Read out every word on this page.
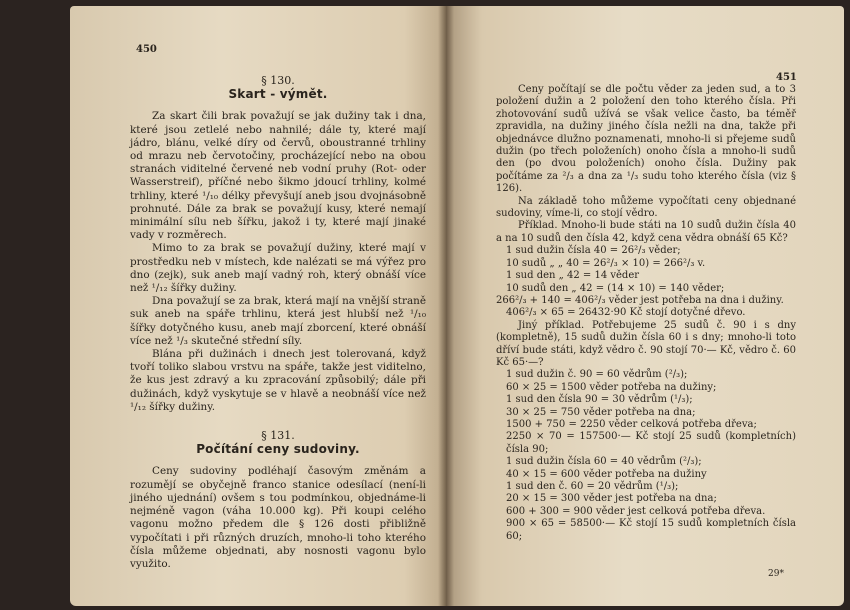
450
§ 130.
Skart - výmět.

Za skart čili brak považují se jak dužiny tak i dna, které jsou zetlelé nebo nahnilé; dále ty, které mají jádro, blánu, velké díry od červů, oboustranné trhliny od mrazu neb červotočiny, procházející nebo na obou stranách viditelné červené neb vodní pruhy (Rot- oder Wasserstreif), příčné nebo šikmo jdoucí trhliny, kolmé trhliny, které ¹/₁₀ délky převyšují aneb jsou dvojnásobně prohnuté. Dále za brak se považují kusy, které nemají minimální sílu neb šířku, jakož i ty, které mají jinaké vady v rozměrech.

Mimo to za brak se považují dužiny, které mají v prostředku neb v místech, kde nalézati se má výřez pro dno (zejk), suk aneb mají vadný roh, který obnáší více než ¹/₁₂ šířky dužiny.

Dna považují se za brak, která mají na vnější straně suk aneb na spáře trhlinu, která jest hlubší než ¹/₁₀ šířky dotyčného kusu, aneb mají zborcení, které obnáší více než ¹/₃ skutečné střední síly.

Blána při dužinách i dnech jest tolerovaná, když tvoří toliko slabou vrstvu na spáře, takže jest viditelno, že kus jest zdravý a ku zpracování způsobilý; dále při dužinách, když vyskytuje se v hlavě a neobnáší více než ¹/₁₂ šířky dužiny.

§ 131.
Počítání ceny sudoviny.

Ceny sudoviny podléhají časovým změnám a rozumějí se obyčejně franco stanice odesílací (není-li jiného ujednání) ovšem s tou podmínkou, objednáme-li nejméně vagon (váha 10.000 kg). Při koupi celého vagonu možno předem dle § 126 dosti přibližně vypočítati i při různých druzích, mnoho-li toho kterého čísla můžeme objednati, aby nosnosti vagonu bylo využito.

451

Ceny počítají se dle počtu věder za jeden sud, a to 3 položení dužin a 2 položení den toho kterého čísla. Při zhotovování sudů užívá se však velice často, ba téměř zpravidla, na dužiny jiného čísla nežli na dna, takže při objednávce dlužno poznamenati, mnoho-li si přejeme sudů dužin (po třech položeních) onoho čísla a mnoho-li sudů den (po dvou položeních) onoho čísla. Dužiny pak počítáme za ²/₃ a dna za ¹/₃ sudu toho kterého čísla (viz § 126).

Na základě toho můžeme vypočítati ceny objednané sudoviny, víme-li, co stojí vědro.

Příklad. Mnoho-li bude státi na 10 sudů dužin čísla 40 a na 10 sudů den čísla 42, když cena vědra obnáší 65 Kč?

1 sud dužin čísla 40 = 26²/₃ věder;

10 sudů „ „ 40 = 26²/₃ × 10) = 266²/₃ v.

1 sud den „ 42 = 14 věder

10 sudů den „ 42 = (14 × 10) = 140 věder;

266²/₃ + 140 = 406²/₃ věder jest potřeba na dna i dužiny.

406²/₃ × 65 = 26432·90 Kč stojí dotyčné dřevo.

Jiný příklad. Potřebujeme 25 sudů č. 90 i s dny (kompletně), 15 sudů dužin čísla 60 i s dny; mnoho-li toto dříví bude státi, když vědro č. 90 stojí 70·— Kč, vědro č. 60 Kč 65·—?

1 sud dužin č. 90 = 60 vědrům (²/₃);

60 × 25 = 1500 věder potřeba na dužiny;

1 sud den čísla 90 = 30 vědrům (¹/₃);

30 × 25 = 750 věder potřeba na dna;

1500 + 750 = 2250 věder celková potřeba dřeva;

2250 × 70 = 157500·— Kč stojí 25 sudů (kompletních) čísla 90;

1 sud dužin čísla 60 = 40 vědrům (²/₃);

40 × 15 = 600 věder potřeba na dužiny

1 sud den č. 60 = 20 vědrům (¹/₃);

20 × 15 = 300 věder jest potřeba na dna;

600 + 300 = 900 věder jest celková potřeba dřeva.

900 × 65 = 58500·— Kč stojí 15 sudů kompletních čísla 60;

29*
